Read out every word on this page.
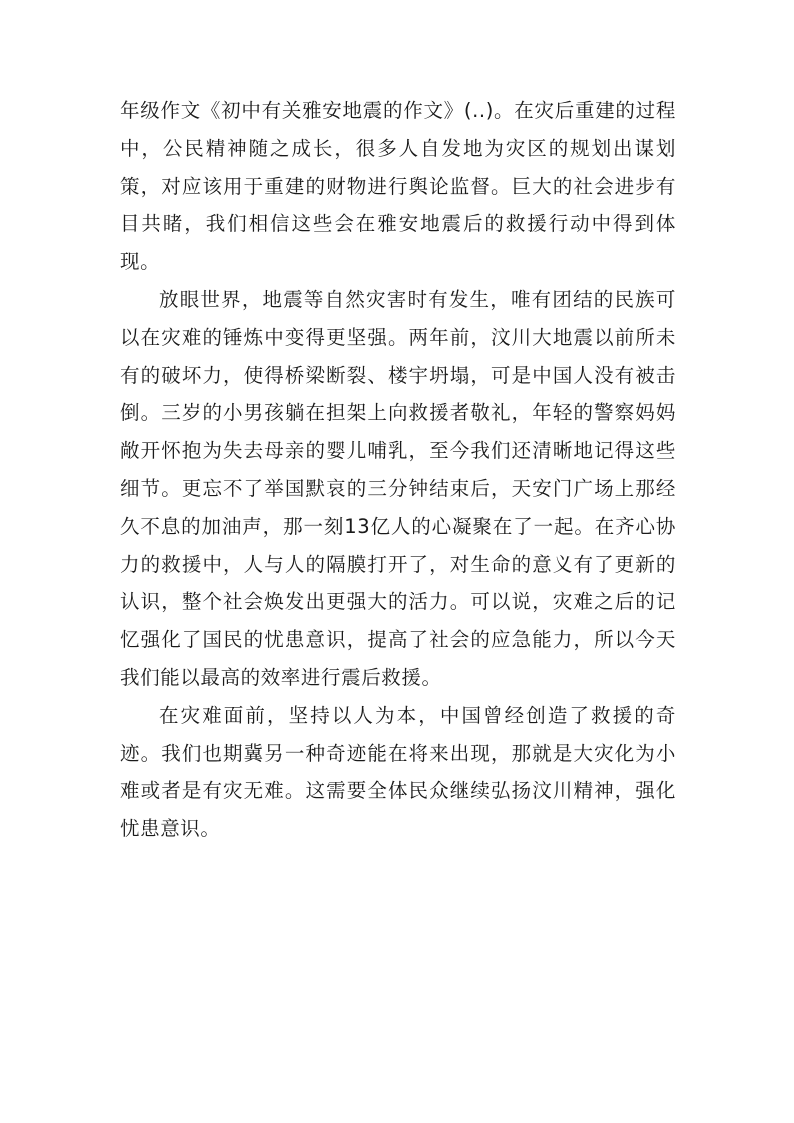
年级作文《初中有关雅安地震的作文》(..)。在灾后重建的过程中，公民精神随之成长，很多人自发地为灾区的规划出谋划策，对应该用于重建的财物进行舆论监督。巨大的社会进步有目共睹，我们相信这些会在雅安地震后的救援行动中得到体现。

放眼世界，地震等自然灾害时有发生，唯有团结的民族可以在灾难的锤炼中变得更坚强。两年前，汶川大地震以前所未有的破坏力，使得桥梁断裂、楼宇坍塌，可是中国人没有被击倒。三岁的小男孩躺在担架上向救援者敬礼，年轻的警察妈妈敞开怀抱为失去母亲的婴儿哺乳，至今我们还清晰地记得这些细节。更忘不了举国默哀的三分钟结束后，天安门广场上那经久不息的加油声，那一刻13亿人的心凝聚在了一起。在齐心协力的救援中，人与人的隔膜打开了，对生命的意义有了更新的认识，整个社会焕发出更强大的活力。可以说，灾难之后的记忆强化了国民的忧患意识，提高了社会的应急能力，所以今天我们能以最高的效率进行震后救援。

在灾难面前，坚持以人为本，中国曾经创造了救援的奇迹。我们也期冀另一种奇迹能在将来出现，那就是大灾化为小难或者是有灾无难。这需要全体民众继续弘扬汶川精神，强化忧患意识。
